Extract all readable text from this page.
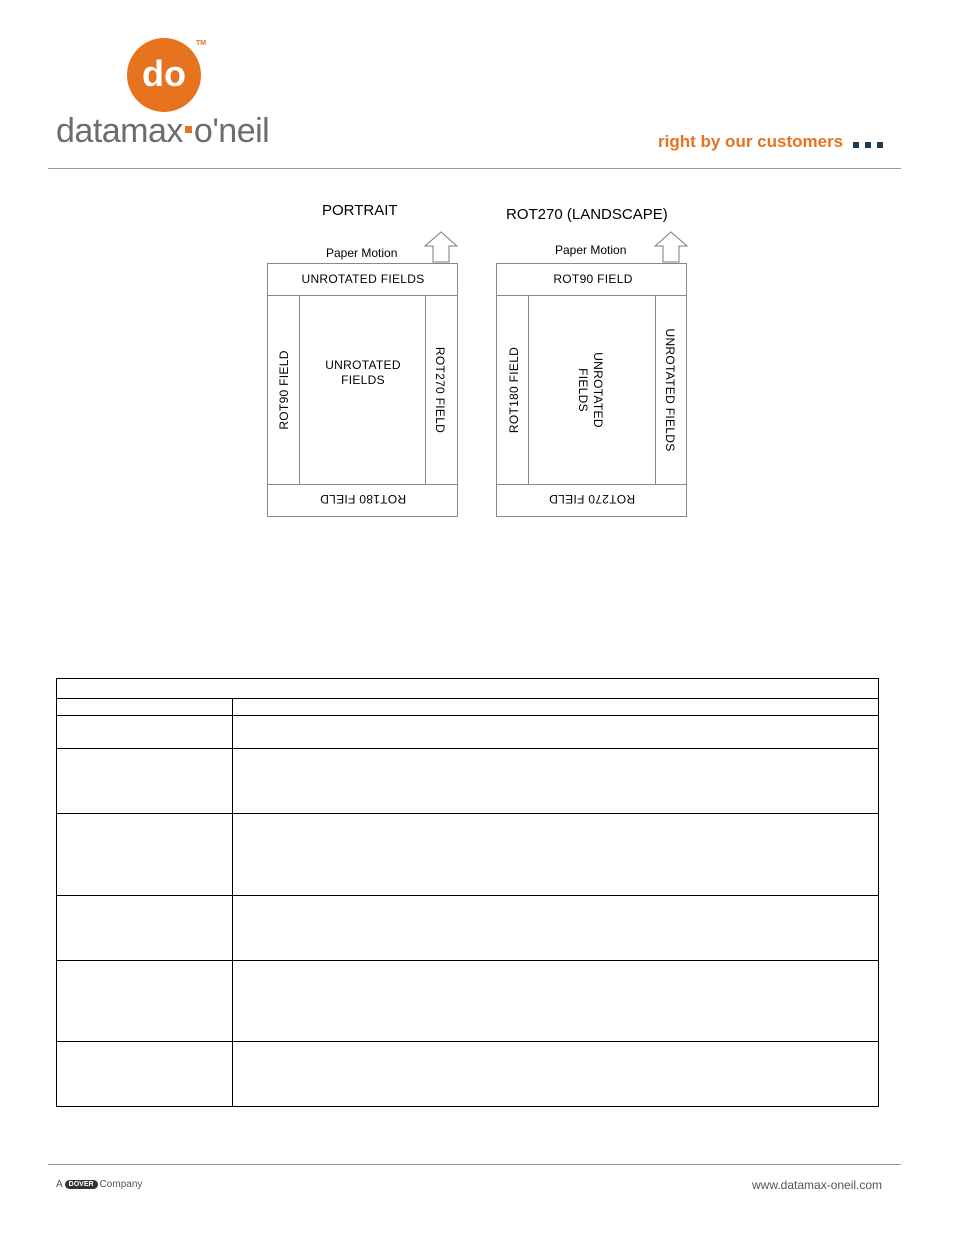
do
TM
datamax o'neil	right by our customers
PORTRAIT
Paper Motion
UNROTATED FIELDS
UNROTATED
FIELDS
ROT90 FIELD	ROT270 FIELD
ROT180 FIELD
ROT270 (LANDSCAPE)
Paper Motion
ROT90 FIELD
UNROTATED
FIELDS
ROT180 FIELD	UNROTATED FIELDS
ROT270 FIELD
A DOVER Company	www.datamax-oneil.com
